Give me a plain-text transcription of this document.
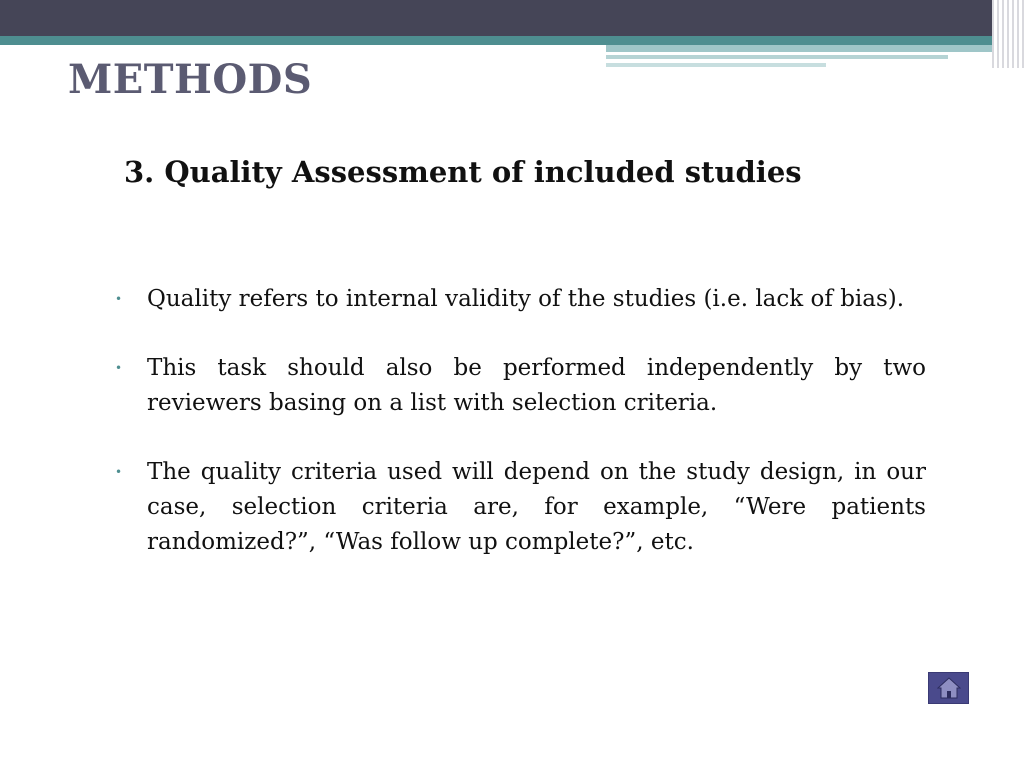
METHODS
3. Quality Assessment of included studies
• Quality refers to internal validity of the studies (i.e. lack of bias).
• This task should also be performed independently by two reviewers basing on a list with selection criteria.
• The quality criteria used will depend on the study design, in our case, selection criteria are, for example, “Were patients randomized?”, “Was follow up complete?”, etc.
